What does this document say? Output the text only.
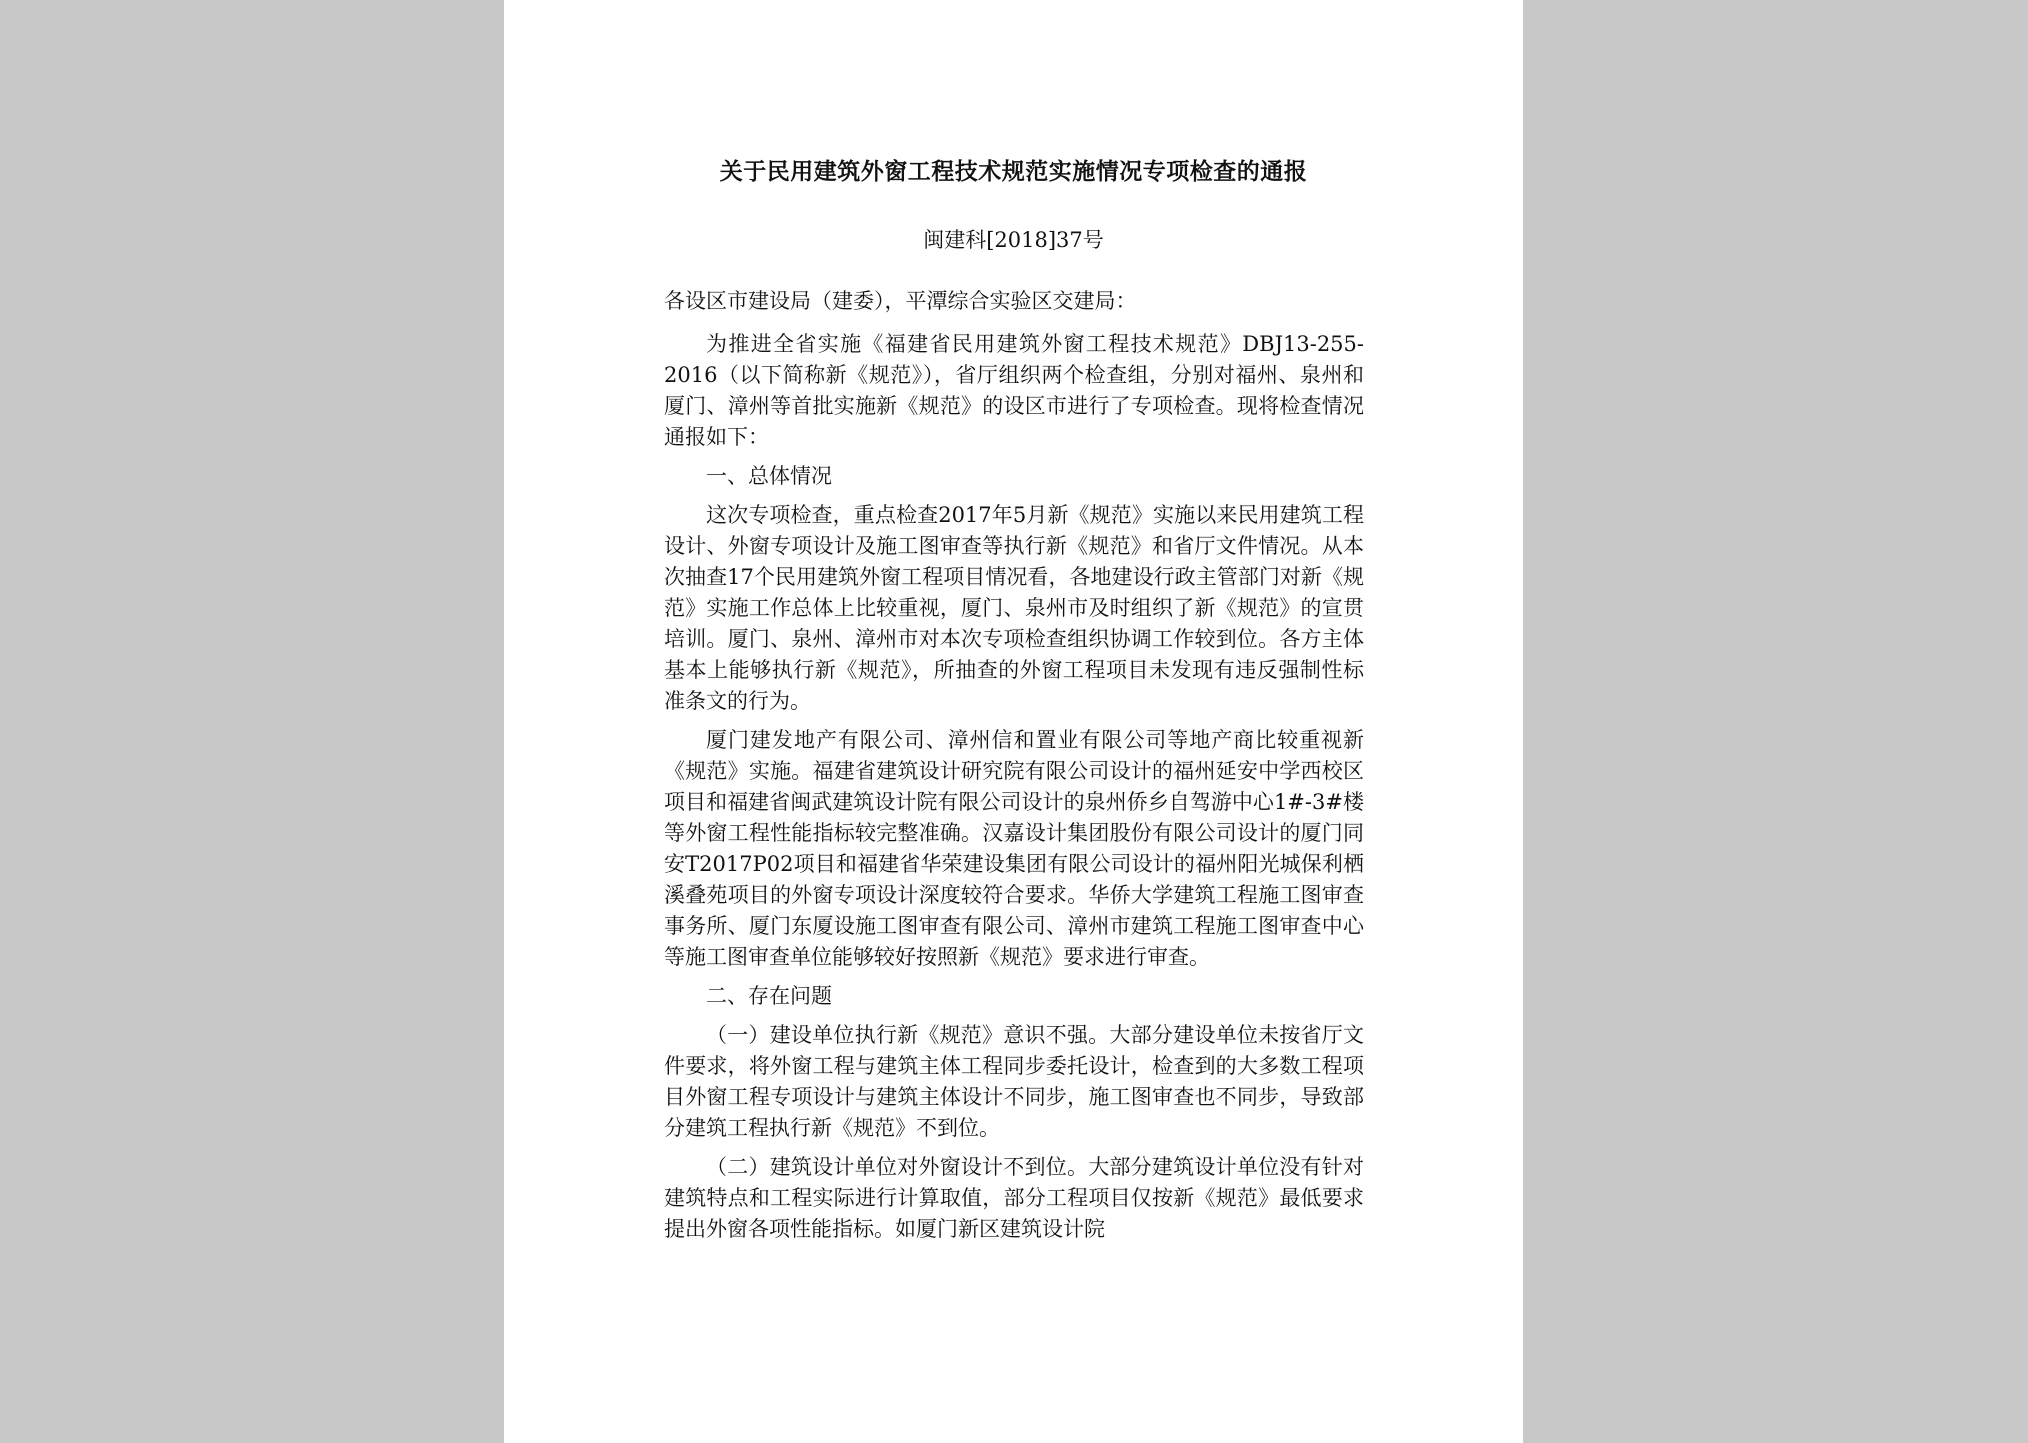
关于民用建筑外窗工程技术规范实施情况专项检查的通报
闽建科[2018]37号

各设区市建设局（建委），平潭综合实验区交建局：

为推进全省实施《福建省民用建筑外窗工程技术规范》DBJ13-255-2016（以下简称新《规范》），省厅组织两个检查组，分别对福州、泉州和厦门、漳州等首批实施新《规范》的设区市进行了专项检查。现将检查情况通报如下：

一、总体情况

这次专项检查，重点检查2017年5月新《规范》实施以来民用建筑工程设计、外窗专项设计及施工图审查等执行新《规范》和省厅文件情况。从本次抽查17个民用建筑外窗工程项目情况看，各地建设行政主管部门对新《规范》实施工作总体上比较重视，厦门、泉州市及时组织了新《规范》的宣贯培训。厦门、泉州、漳州市对本次专项检查组织协调工作较到位。各方主体基本上能够执行新《规范》，所抽查的外窗工程项目未发现有违反强制性标准条文的行为。

厦门建发地产有限公司、漳州信和置业有限公司等地产商比较重视新《规范》实施。福建省建筑设计研究院有限公司设计的福州延安中学西校区项目和福建省闽武建筑设计院有限公司设计的泉州侨乡自驾游中心1#-3#楼等外窗工程性能指标较完整准确。汉嘉设计集团股份有限公司设计的厦门同安T2017P02项目和福建省华荣建设集团有限公司设计的福州阳光城保利栖溪叠苑项目的外窗专项设计深度较符合要求。华侨大学建筑工程施工图审查事务所、厦门东厦设施工图审查有限公司、漳州市建筑工程施工图审查中心等施工图审查单位能够较好按照新《规范》要求进行审查。

二、存在问题

（一）建设单位执行新《规范》意识不强。大部分建设单位未按省厅文件要求，将外窗工程与建筑主体工程同步委托设计，检查到的大多数工程项目外窗工程专项设计与建筑主体设计不同步，施工图审查也不同步，导致部分建筑工程执行新《规范》不到位。

（二）建筑设计单位对外窗设计不到位。大部分建筑设计单位没有针对建筑特点和工程实际进行计算取值，部分工程项目仅按新《规范》最低要求提出外窗各项性能指标。如厦门新区建筑设计院
